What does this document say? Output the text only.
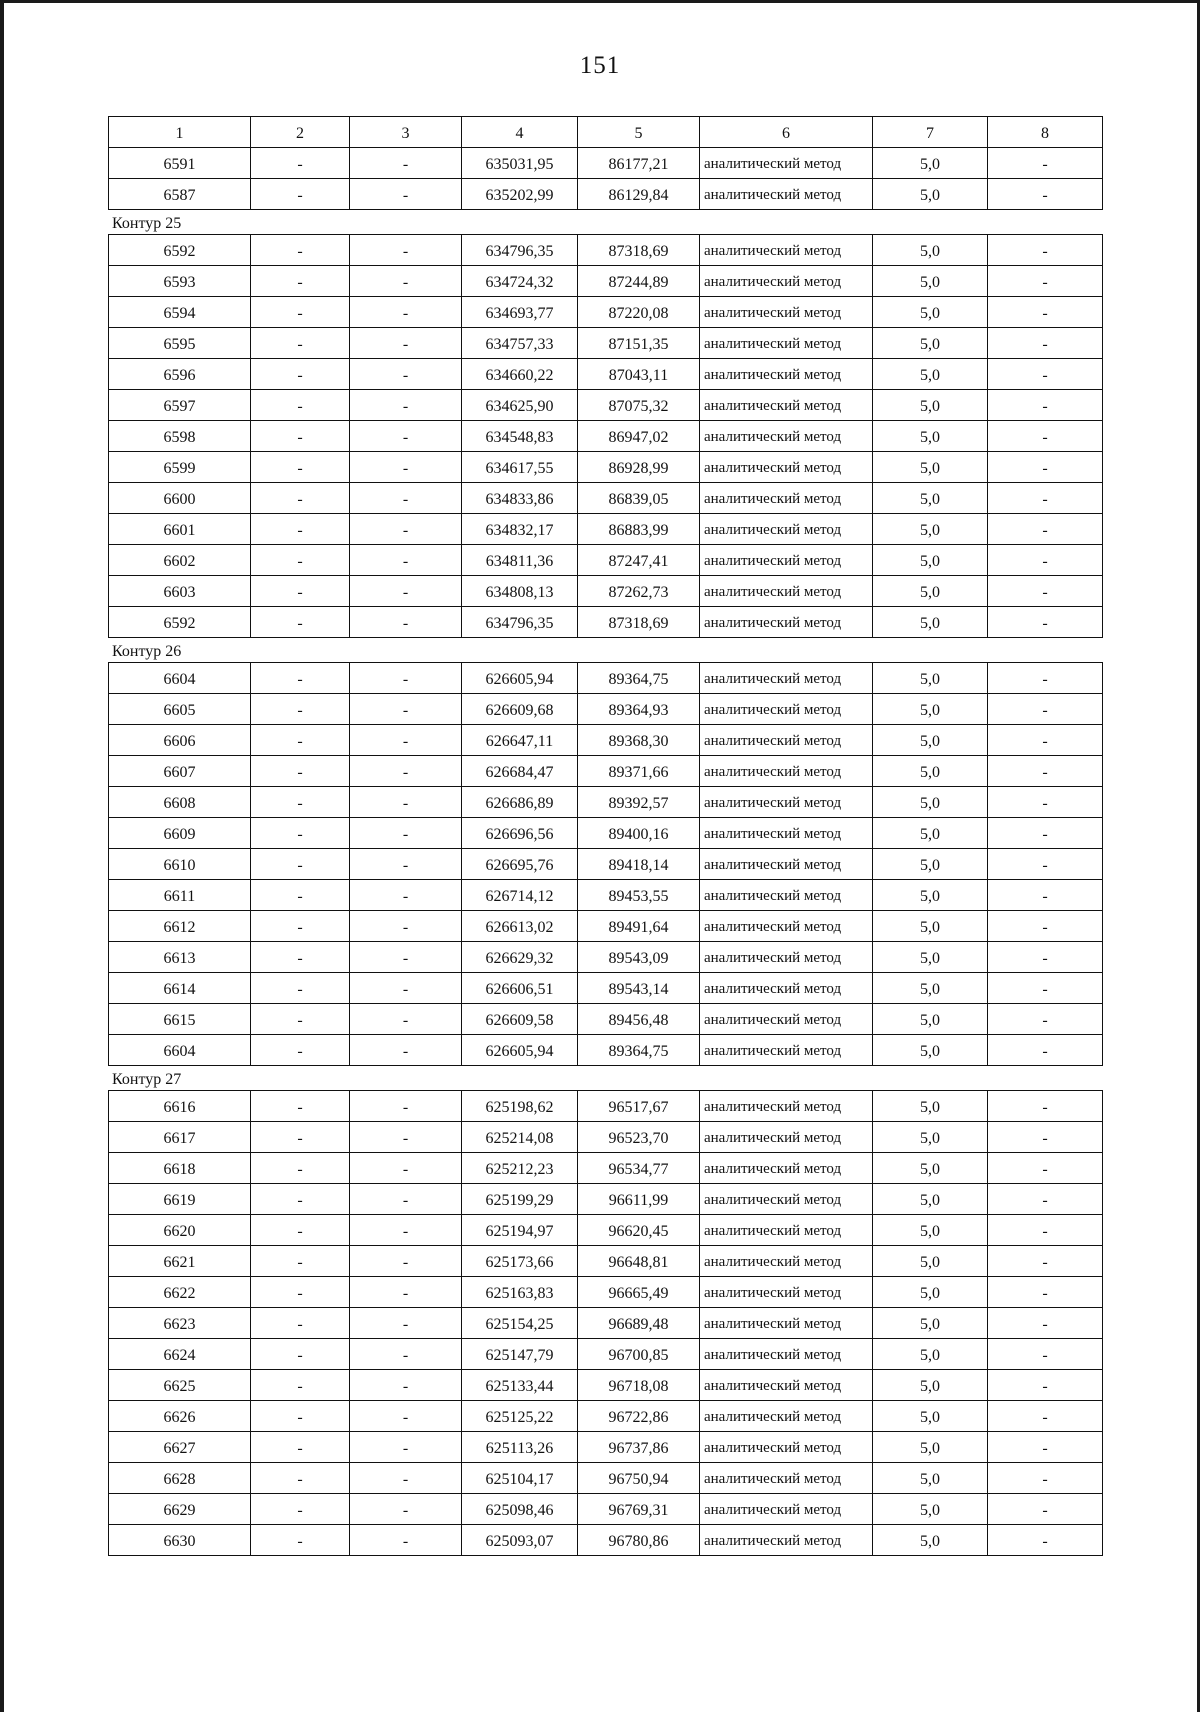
151
1	2	3	4	5	6	7	8
6591	-	-	635031,95	86177,21	аналитический метод	5,0	-
6587	-	-	635202,99	86129,84	аналитический метод	5,0	-
Контур 25
6592	-	-	634796,35	87318,69	аналитический метод	5,0	-
6593	-	-	634724,32	87244,89	аналитический метод	5,0	-
6594	-	-	634693,77	87220,08	аналитический метод	5,0	-
6595	-	-	634757,33	87151,35	аналитический метод	5,0	-
6596	-	-	634660,22	87043,11	аналитический метод	5,0	-
6597	-	-	634625,90	87075,32	аналитический метод	5,0	-
6598	-	-	634548,83	86947,02	аналитический метод	5,0	-
6599	-	-	634617,55	86928,99	аналитический метод	5,0	-
6600	-	-	634833,86	86839,05	аналитический метод	5,0	-
6601	-	-	634832,17	86883,99	аналитический метод	5,0	-
6602	-	-	634811,36	87247,41	аналитический метод	5,0	-
6603	-	-	634808,13	87262,73	аналитический метод	5,0	-
6592	-	-	634796,35	87318,69	аналитический метод	5,0	-
Контур 26
6604	-	-	626605,94	89364,75	аналитический метод	5,0	-
6605	-	-	626609,68	89364,93	аналитический метод	5,0	-
6606	-	-	626647,11	89368,30	аналитический метод	5,0	-
6607	-	-	626684,47	89371,66	аналитический метод	5,0	-
6608	-	-	626686,89	89392,57	аналитический метод	5,0	-
6609	-	-	626696,56	89400,16	аналитический метод	5,0	-
6610	-	-	626695,76	89418,14	аналитический метод	5,0	-
6611	-	-	626714,12	89453,55	аналитический метод	5,0	-
6612	-	-	626613,02	89491,64	аналитический метод	5,0	-
6613	-	-	626629,32	89543,09	аналитический метод	5,0	-
6614	-	-	626606,51	89543,14	аналитический метод	5,0	-
6615	-	-	626609,58	89456,48	аналитический метод	5,0	-
6604	-	-	626605,94	89364,75	аналитический метод	5,0	-
Контур 27
6616	-	-	625198,62	96517,67	аналитический метод	5,0	-
6617	-	-	625214,08	96523,70	аналитический метод	5,0	-
6618	-	-	625212,23	96534,77	аналитический метод	5,0	-
6619	-	-	625199,29	96611,99	аналитический метод	5,0	-
6620	-	-	625194,97	96620,45	аналитический метод	5,0	-
6621	-	-	625173,66	96648,81	аналитический метод	5,0	-
6622	-	-	625163,83	96665,49	аналитический метод	5,0	-
6623	-	-	625154,25	96689,48	аналитический метод	5,0	-
6624	-	-	625147,79	96700,85	аналитический метод	5,0	-
6625	-	-	625133,44	96718,08	аналитический метод	5,0	-
6626	-	-	625125,22	96722,86	аналитический метод	5,0	-
6627	-	-	625113,26	96737,86	аналитический метод	5,0	-
6628	-	-	625104,17	96750,94	аналитический метод	5,0	-
6629	-	-	625098,46	96769,31	аналитический метод	5,0	-
6630	-	-	625093,07	96780,86	аналитический метод	5,0	-
